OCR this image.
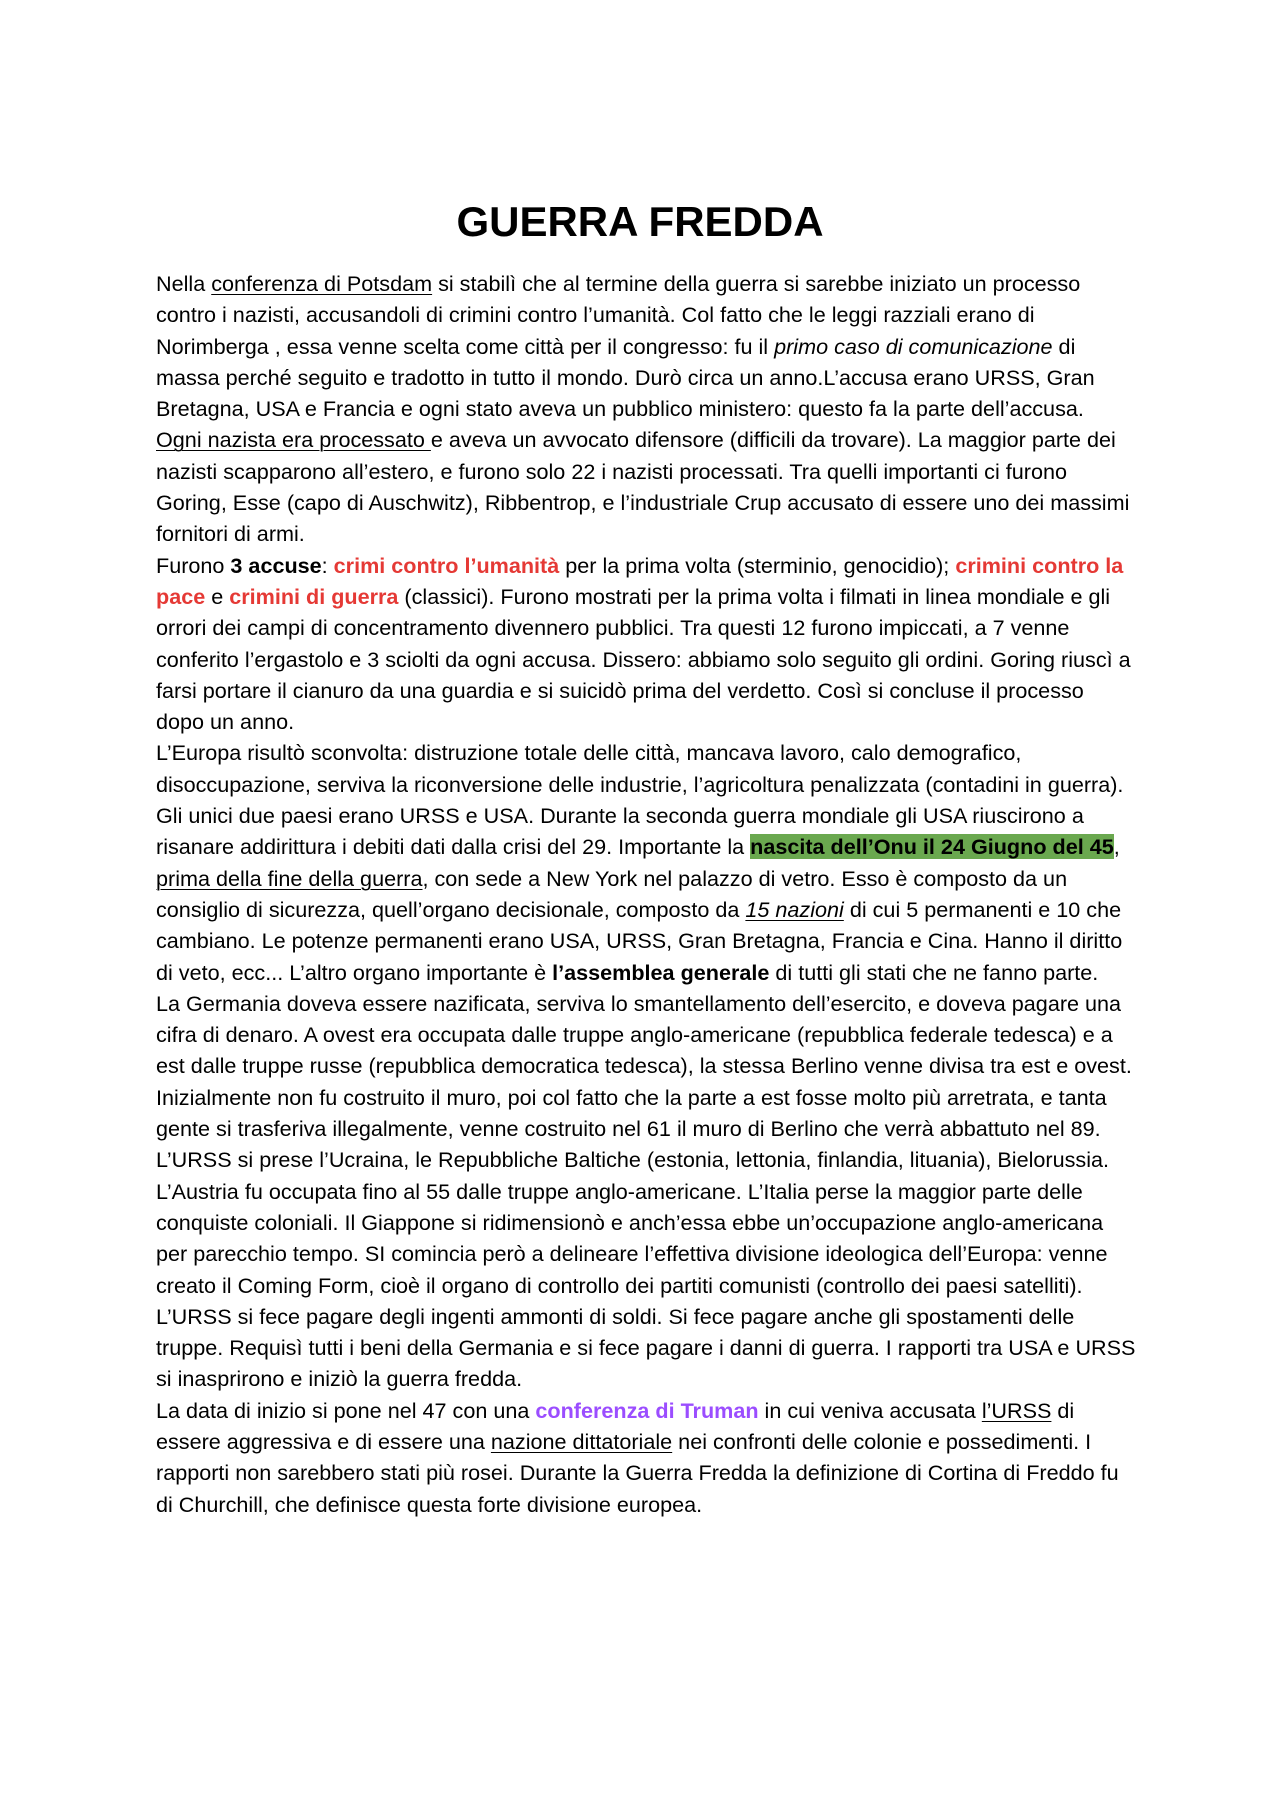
GUERRA FREDDA

Nella conferenza di Potsdam si stabilì che al termine della guerra si sarebbe iniziato un processo contro i nazisti, accusandoli di crimini contro l’umanità. Col fatto che le leggi razziali erano di Norimberga , essa venne scelta come città per il congresso: fu il primo caso di comunicazione di massa perché seguito e tradotto in tutto il mondo. Durò circa un anno.L’accusa erano URSS, Gran Bretagna, USA e Francia e ogni stato aveva un pubblico ministero: questo fa la parte dell’accusa.

Ogni nazista era processato e aveva un avvocato difensore (difficili da trovare). La maggior parte dei nazisti scapparono all’estero, e furono solo 22 i nazisti processati. Tra quelli importanti ci furono Goring, Esse (capo di Auschwitz), Ribbentrop, e l’industriale Crup accusato di essere uno dei massimi fornitori di armi.

Furono 3 accuse: crimi contro l’umanità per la prima volta (sterminio, genocidio); crimini contro la pace e crimini di guerra (classici). Furono mostrati per la prima volta i filmati in linea mondiale e gli orrori dei campi di concentramento divennero pubblici. Tra questi 12 furono impiccati, a 7 venne conferito l’ergastolo e 3 sciolti da ogni accusa. Dissero: abbiamo solo seguito gli ordini. Goring riuscì a farsi portare il cianuro da una guardia e si suicidò prima del verdetto. Così si concluse il processo dopo un anno.

L’Europa risultò sconvolta: distruzione totale delle città, mancava lavoro, calo demografico, disoccupazione, serviva la riconversione delle industrie, l’agricoltura penalizzata (contadini in guerra). Gli unici due paesi erano URSS e USA. Durante la seconda guerra mondiale gli USA riuscirono a risanare addirittura i debiti dati dalla crisi del 29. Importante la nascita dell’Onu il 24 Giugno del 45, prima della fine della guerra, con sede a New York nel palazzo di vetro. Esso è composto da un consiglio di sicurezza, quell’organo decisionale, composto da 15 nazioni di cui 5 permanenti e 10 che cambiano. Le potenze permanenti erano USA, URSS, Gran Bretagna, Francia e Cina. Hanno il diritto di veto, ecc... L’altro organo importante è l’assemblea generale di tutti gli stati che ne fanno parte.

La Germania doveva essere nazificata, serviva lo smantellamento dell’esercito, e doveva pagare una cifra di denaro. A ovest era occupata dalle truppe anglo-americane (repubblica federale tedesca) e a est dalle truppe russe (repubblica democratica tedesca), la stessa Berlino venne divisa tra est e ovest. Inizialmente non fu costruito il muro, poi col fatto che la parte a est fosse molto più arretrata, e tanta gente si trasferiva illegalmente, venne costruito nel 61 il muro di Berlino che verrà abbattuto nel 89.

L’URSS si prese l’Ucraina, le Repubbliche Baltiche (estonia, lettonia, finlandia, lituania), Bielorussia. L’Austria fu occupata fino al 55 dalle truppe anglo-americane. L’Italia perse la maggior parte delle conquiste coloniali. Il Giappone si ridimensionò e anch’essa ebbe un’occupazione anglo-americana per parecchio tempo. SI comincia però a delineare l’effettiva divisione ideologica dell’Europa: venne creato il Coming Form, cioè il organo di controllo dei partiti comunisti (controllo dei paesi satelliti). L’URSS si fece pagare degli ingenti ammonti di soldi. Si fece pagare anche gli spostamenti delle truppe. Requisì tutti i beni della Germania e si fece pagare i danni di guerra. I rapporti tra USA e URSS si inasprirono e iniziò la guerra fredda.

La data di inizio si pone nel 47 con una conferenza di Truman in cui veniva accusata l’URSS di essere aggressiva e di essere una nazione dittatoriale nei confronti delle colonie e possedimenti. I rapporti non sarebbero stati più rosei. Durante la Guerra Fredda la definizione di Cortina di Freddo fu di Churchill, che definisce questa forte divisione europea.
